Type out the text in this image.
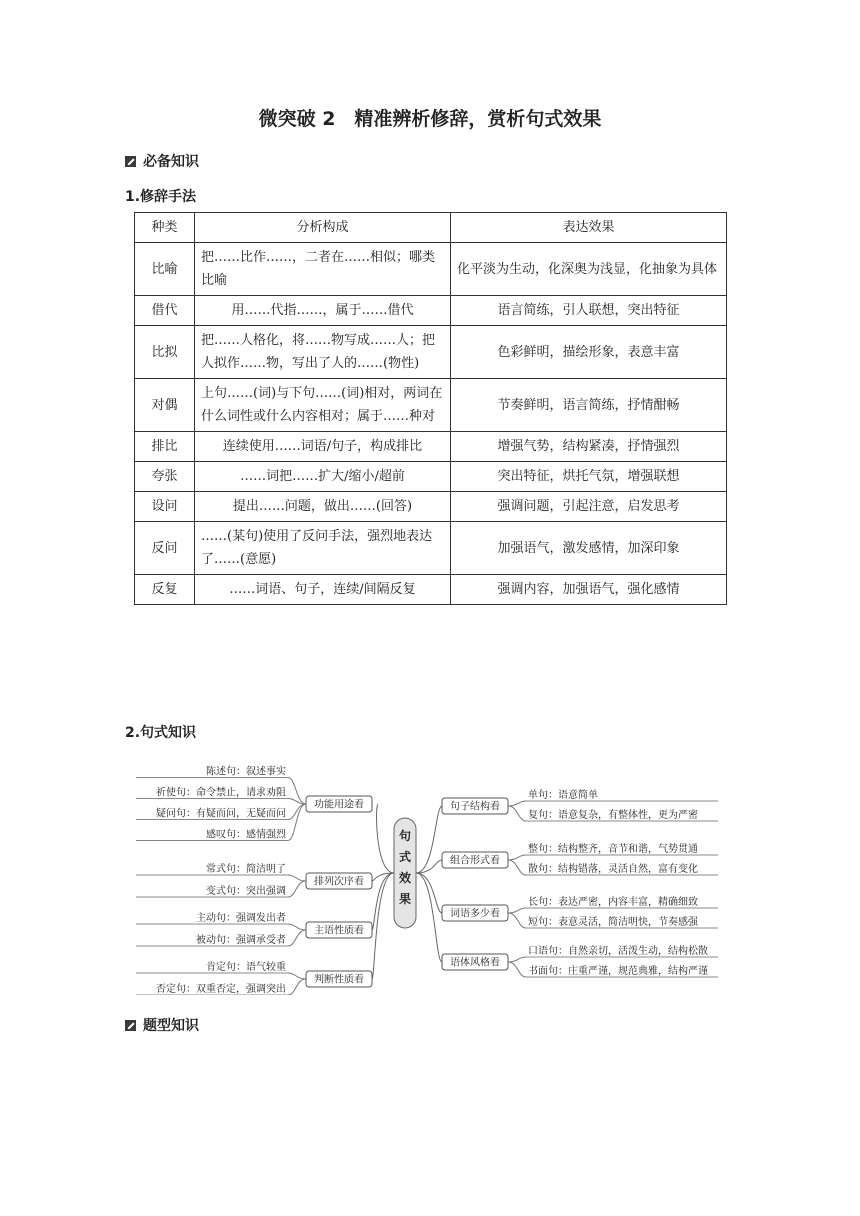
微突破 2　精准辨析修辞，赏析句式效果
必备知识
1.修辞手法
种类	分析构成	表达效果
比喻	把……比作……，二者在……相似；哪类比喻	化平淡为生动，化深奥为浅显，化抽象为具体
借代	用……代指……，属于……借代	语言简练，引人联想，突出特征
比拟	把……人格化，将……物写成……人；把人拟作……物，写出了人的……(物性)	色彩鲜明，描绘形象，表意丰富
对偶	上句……(词)与下句……(词)相对，两词在什么词性或什么内容相对；属于……种对	节奏鲜明，语言简练，抒情酣畅
排比	连续使用……词语/句子，构成排比	增强气势，结构紧凑，抒情强烈
夸张	……词把……扩大/缩小/超前	突出特征，烘托气氛，增强联想
设问	提出……问题，做出……(回答)	强调问题，引起注意，启发思考
反问	……(某句)使用了反问手法，强烈地表达了……(意愿)	加强语气，激发感情，加深印象
反复	……词语、句子，连续/间隔反复	强调内容，加强语气，强化感情
2.句式知识
句
式
效
果
功能用途看
陈述句：叙述事实
祈使句：命令禁止，请求劝阻
疑问句：有疑而问，无疑而问
感叹句：感情强烈
排列次序看
常式句：简洁明了
变式句：突出强调
主语性质看
主动句：强调发出者
被动句：强调承受者
判断性质看
肯定句：语气较重
否定句：双重否定，强调突出
句子结构看
单句：语意简单
复句：语意复杂，有整体性，更为严密
组合形式看
整句：结构整齐，音节和谐，气势贯通
散句：结构错落，灵活自然，富有变化
词语多少看
长句：表达严密，内容丰富，精确细致
短句：表意灵活，简洁明快，节奏感强
语体风格看
口语句：自然亲切，活泼生动，结构松散
书面句：庄重严谨，规范典雅，结构严谨
题型知识
